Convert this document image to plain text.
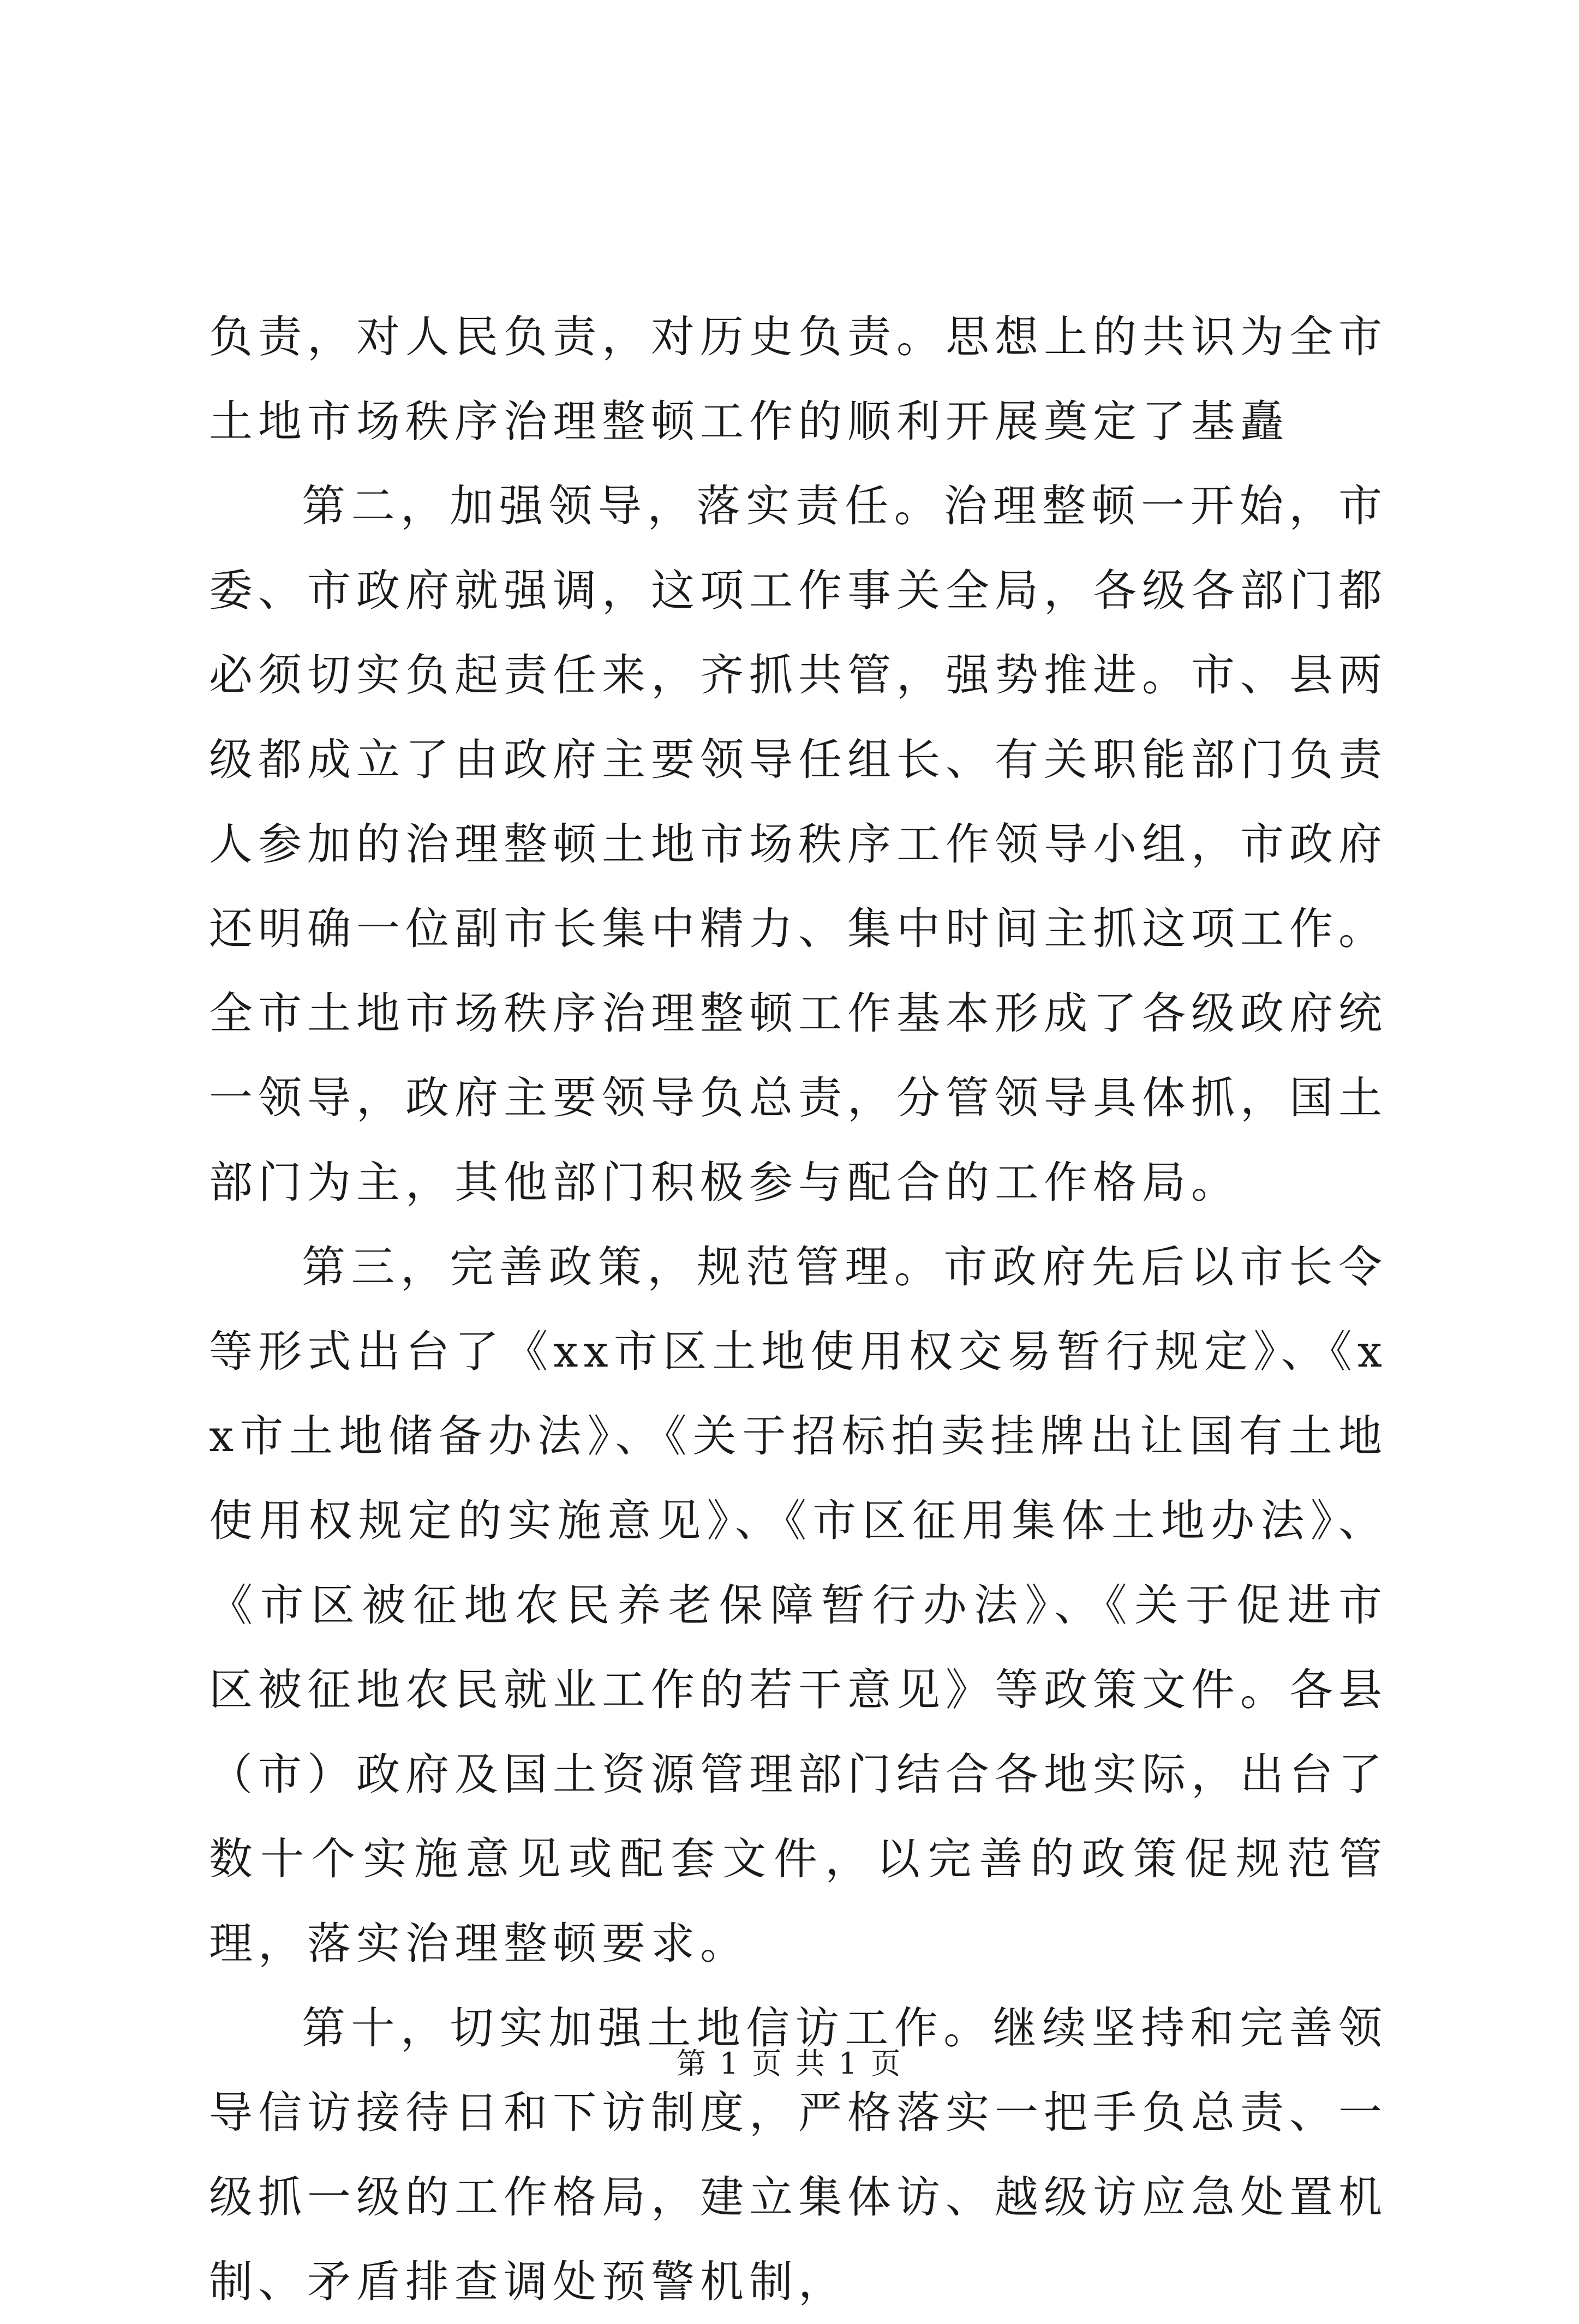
负责，对人民负责，对历史负责。思想上的共识为全市土地市场秩序治理整顿工作的顺利开展奠定了基矗

第二，加强领导，落实责任。治理整顿一开始，市委、市政府就强调，这项工作事关全局，各级各部门都必须切实负起责任来，齐抓共管，强势推进。市、县两级都成立了由政府主要领导任组长、有关职能部门负责人参加的治理整顿土地市场秩序工作领导小组，市政府还明确一位副市长集中精力、集中时间主抓这项工作。全市土地市场秩序治理整顿工作基本形成了各级政府统一领导，政府主要领导负总责，分管领导具体抓，国土部门为主，其他部门积极参与配合的工作格局。

第三，完善政策，规范管理。市政府先后以市长令等形式出台了《xx市区土地使用权交易暂行规定》、《xx市土地储备办法》、《关于招标拍卖挂牌出让国有土地使用权规定的实施意见》、《市区征用集体土地办法》、《市区被征地农民养老保障暂行办法》、《关于促进市区被征地农民就业工作的若干意见》等政策文件。各县（市）政府及国土资源管理部门结合各地实际，出台了数十个实施意见或配套文件，以完善的政策促规范管理，落实治理整顿要求。

第十，切实加强土地信访工作。继续坚持和完善领导信访接待日和下访制度，严格落实一把手负总责、一级抓一级的工作格局，建立集体访、越级访应急处置机制、矛盾排查调处预警机制，

第 1 页 共 1 页
